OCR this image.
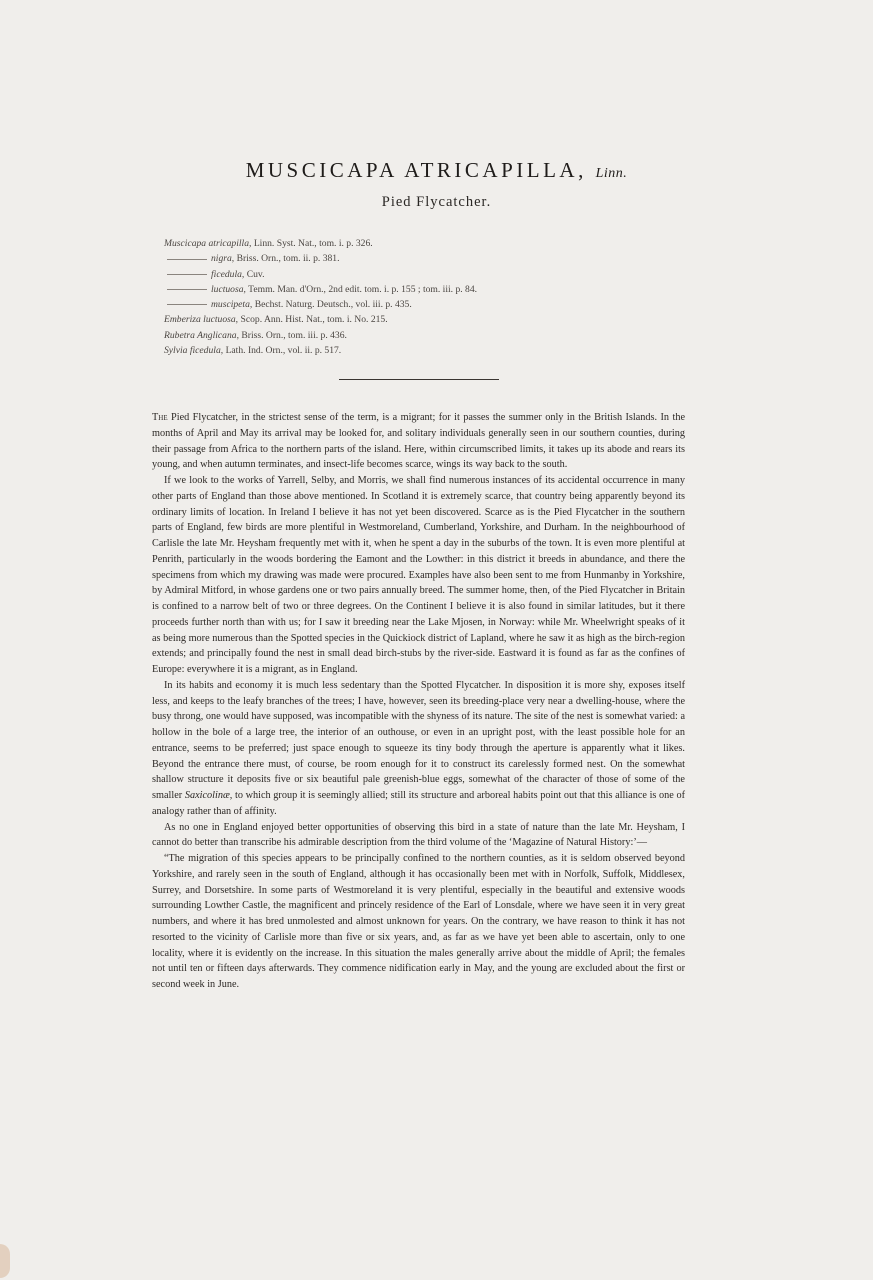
MUSCICAPA ATRICAPILLA, Linn.
Pied Flycatcher.
Muscicapa atricapilla, Linn. Syst. Nat., tom. i. p. 326.
nigra, Briss. Orn., tom. ii. p. 381.
ficedula, Cuv.
luctuosa, Temm. Man. d'Orn., 2nd edit. tom. i. p. 155 ; tom. iii. p. 84.
muscipeta, Bechst. Naturg. Deutsch., vol. iii. p. 435.
Emberiza luctuosa, Scop. Ann. Hist. Nat., tom. i. No. 215.
Rubetra Anglicana, Briss. Orn., tom. iii. p. 436.
Sylvia ficedula, Lath. Ind. Orn., vol. ii. p. 517.

The Pied Flycatcher, in the strictest sense of the term, is a migrant; for it passes the summer only in the British Islands. In the months of April and May its arrival may be looked for, and solitary individuals generally seen in our southern counties, during their passage from Africa to the northern parts of the island. Here, within circumscribed limits, it takes up its abode and rears its young, and when autumn terminates, and insect-life becomes scarce, wings its way back to the south.

If we look to the works of Yarrell, Selby, and Morris, we shall find numerous instances of its accidental occurrence in many other parts of England than those above mentioned. In Scotland it is extremely scarce, that country being apparently beyond its ordinary limits of location. In Ireland I believe it has not yet been discovered. Scarce as is the Pied Flycatcher in the southern parts of England, few birds are more plentiful in Westmoreland, Cumberland, Yorkshire, and Durham. In the neighbourhood of Carlisle the late Mr. Heysham frequently met with it, when he spent a day in the suburbs of the town. It is even more plentiful at Penrith, particularly in the woods bordering the Eamont and the Lowther: in this district it breeds in abundance, and there the specimens from which my drawing was made were procured. Examples have also been sent to me from Hunmanby in Yorkshire, by Admiral Mitford, in whose gardens one or two pairs annually breed. The summer home, then, of the Pied Flycatcher in Britain is confined to a narrow belt of two or three degrees. On the Continent I believe it is also found in similar latitudes, but it there proceeds further north than with us; for I saw it breeding near the Lake Mjosen, in Norway: while Mr. Wheelwright speaks of it as being more numerous than the Spotted species in the Quickiock district of Lapland, where he saw it as high as the birch-region extends; and principally found the nest in small dead birch-stubs by the river-side. Eastward it is found as far as the confines of Europe: everywhere it is a migrant, as in England.

In its habits and economy it is much less sedentary than the Spotted Flycatcher. In disposition it is more shy, exposes itself less, and keeps to the leafy branches of the trees; I have, however, seen its breeding-place very near a dwelling-house, where the busy throng, one would have supposed, was incompatible with the shyness of its nature. The site of the nest is somewhat varied: a hollow in the bole of a large tree, the interior of an outhouse, or even in an upright post, with the least possible hole for an entrance, seems to be preferred; just space enough to squeeze its tiny body through the aperture is apparently what it likes. Beyond the entrance there must, of course, be room enough for it to construct its carelessly formed nest. On the somewhat shallow structure it deposits five or six beautiful pale greenish-blue eggs, somewhat of the character of those of some of the smaller Saxicolinæ, to which group it is seemingly allied; still its structure and arboreal habits point out that this alliance is one of analogy rather than of affinity.

As no one in England enjoyed better opportunities of observing this bird in a state of nature than the late Mr. Heysham, I cannot do better than transcribe his admirable description from the third volume of the ‘Magazine of Natural History:’—

“The migration of this species appears to be principally confined to the northern counties, as it is seldom observed beyond Yorkshire, and rarely seen in the south of England, although it has occasionally been met with in Norfolk, Suffolk, Middlesex, Surrey, and Dorsetshire. In some parts of Westmoreland it is very plentiful, especially in the beautiful and extensive woods surrounding Lowther Castle, the magnificent and princely residence of the Earl of Lonsdale, where we have seen it in very great numbers, and where it has bred unmolested and almost unknown for years. On the contrary, we have reason to think it has not resorted to the vicinity of Carlisle more than five or six years, and, as far as we have yet been able to ascertain, only to one locality, where it is evidently on the increase. In this situation the males generally arrive about the middle of April; the females not until ten or fifteen days afterwards. They commence nidification early in May, and the young are excluded about the first or second week in June.
